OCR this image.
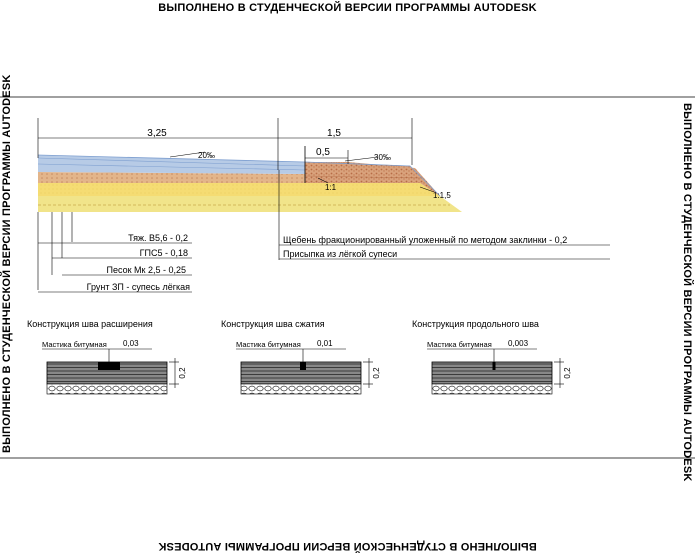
ВЫПОЛНЕНО В СТУДЕНЧЕСКОЙ ВЕРСИИ ПРОГРАММЫ AUTODESK
ВЫПОЛНЕНО В СТУДЕНЧЕСКОЙ ВЕРСИИ ПРОГРАММЫ AUTODESK
ВЫПОЛНЕНО В СТУДЕНЧЕСКОЙ ВЕРСИИ ПРОГРАММЫ AUTODESK	ВЫПОЛНЕНО В СТУДЕНЧЕСКОЙ ВЕРСИИ ПРОГРАММЫ AUTODESK
3,25	1,5
0,5
20‰	30‰
1:1
1:1,5
Тяж. В5,6 - 0,2
ГПС5 - 0,18
Песок Мк 2,5 - 0,25
Грунт ЗП - супесь лёгкая
Щебень фракционированный уложенный по методом заклинки - 0,2
Присыпка из лёгкой супеси
Конструкция шва расширения
Мастика битумная 0,03
0,2
Конструкция шва сжатия
Мастика битумная 0,01
0,2
Конструкция продольного шва
Мастика битумная 0,003
0,2
